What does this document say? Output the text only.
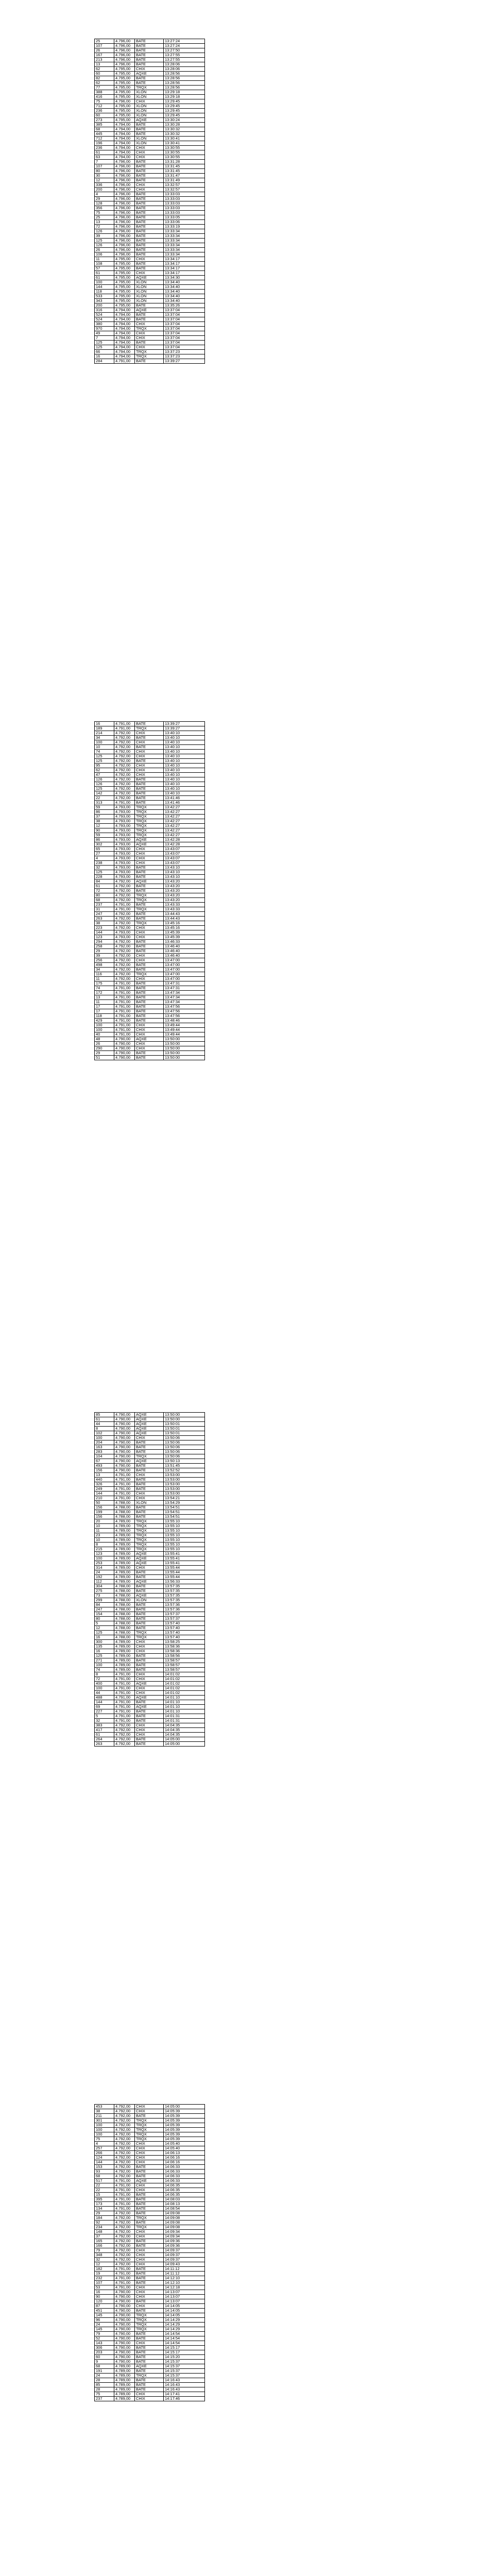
25	4.796,00	BATE	13:27:24
107	4.796,00	BATE	13:27:24
26	4.796,00	BATE	13:27:50
167	4.796,00	BATE	13:27:55
213	4.796,00	BATE	13:27:55
13	4.796,00	BATE	13:28:06
62	4.795,00	CHIX	13:28:06
60	4.795,00	AQXE	13:28:56
82	4.795,00	BATE	13:28:56
62	4.795,00	BATE	13:28:56
77	4.795,00	TRQX	13:28:56
388	4.795,00	XLON	13:29:18
416	4.795,00	XLON	13:29:18
75	4.796,00	CHIX	13:29:45
712	4.795,00	XLON	13:29:45
236	4.795,00	XLON	13:29:45
60	4.795,00	XLON	13:29:45
273	4.795,00	AQXE	13:30:24
385	4.794,00	BATE	13:30:28
68	4.794,00	BATE	13:30:32
445	4.794,00	BATE	13:30:32
712	4.794,00	XLON	13:30:41
196	4.794,00	XLON	13:30:41
236	4.794,00	CHIX	13:30:55
61	4.794,00	CHIX	13:30:55
63	4.794,00	CHIX	13:30:55
7	4.796,00	BATE	13:31:28
107	4.796,00	BATE	13:31:45
80	4.796,00	BATE	13:31:45
30	4.796,00	BATE	13:31:47
12	4.796,00	BATE	13:31:49
336	4.796,00	CHIX	13:32:57
200	4.796,00	CHIX	13:32:57
4	4.796,00	BATE	13:33:03
29	4.796,00	BATE	13:33:03
128	4.796,00	BATE	13:33:03
356	4.796,00	BATE	13:33:03
75	4.796,00	BATE	13:33:03
25	4.796,00	BATE	13:33:05
13	4.796,00	BATE	13:33:06
72	4.796,00	BATE	13:33:19
126	4.796,00	BATE	13:33:34
39	4.796,00	BATE	13:33:34
125	4.796,00	BATE	13:33:34
126	4.796,00	BATE	13:33:34
26	4.796,00	BATE	13:33:34
106	4.796,00	BATE	13:33:34
11	4.795,00	CHIX	13:34:17
108	4.795,00	BATE	13:34:17
57	4.795,00	BATE	13:34:17
61	4.795,00	CHIX	13:34:17
61	4.795,00	AQXE	13:34:30
100	4.795,00	XLON	13:34:40
144	4.795,00	XLON	13:34:40
118	4.795,00	XLON	13:34:40
533	4.795,00	XLON	13:34:40
343	4.795,00	XLON	13:34:40
200	4.795,00	BATE	13:35:26
316	4.794,00	AQXE	13:37:04
524	4.794,00	BATE	13:37:04
524	4.794,00	BATE	13:37:04
380	4.794,00	CHIX	13:37:04
970	4.794,00	TRQX	13:37:04
49	4.794,00	CHIX	13:37:04
7	4.794,00	CHIX	13:37:04
125	4.794,00	BATE	13:37:04
125	4.794,00	CHIX	13:37:04
66	4.794,00	TRQX	13:37:23
16	4.794,00	TRQX	13:37:23
284	4.791,00	BATE	13:39:27
16	4.791,00	BATE	13:39:27
189	4.791,00	TRQX	13:39:27
214	4.792,00	CHIX	13:40:10
34	4.792,00	BATE	13:40:10
100	4.792,00	CHIX	13:40:10
10	4.792,00	BATE	13:40:10
74	4.792,00	CHIX	13:40:10
125	4.792,00	CHIX	13:40:10
125	4.792,00	BATE	13:40:10
95	4.792,00	CHIX	13:40:10
62	4.792,00	CHIX	13:40:10
47	4.792,00	CHIX	13:40:10
126	4.792,00	BATE	13:40:10
126	4.792,00	BATE	13:40:10
125	4.792,00	BATE	13:40:10
142	4.792,00	BATE	13:40:10
22	4.792,00	BATE	13:41:46
313	4.791,00	BATE	13:41:46
59	4.793,00	TRQX	13:42:27
86	4.793,00	TRQX	13:42:27
37	4.793,00	TRQX	13:42:27
38	4.793,00	TRQX	13:42:27
12	4.793,00	TRQX	13:42:27
90	4.793,00	TRQX	13:42:27
59	4.793,00	TRQX	13:42:27
86	4.793,00	AQXE	13:42:28
302	4.793,00	AQXE	13:42:28
65	4.793,00	CHIX	13:43:07
27	4.793,00	CHIX	13:43:07
4	4.793,00	CHIX	13:43:07
238	4.793,00	CHIX	13:43:07
32	4.793,00	BATE	13:43:10
125	4.793,00	BATE	13:43:10
228	4.793,00	BATE	13:43:10
84	4.792,00	AQXE	13:43:20
61	4.792,00	BATE	13:43:20
72	4.792,00	BATE	13:43:20
80	4.792,00	TRQX	13:43:20
68	4.792,00	TRQX	13:43:20
237	4.791,00	BATE	13:43:33
31	4.791,00	TRQX	13:43:33
247	4.792,00	BATE	13:44:43
263	4.792,00	BATE	13:44:43
38	4.792,00	TRQX	13:45:16
223	4.792,00	CHIX	13:45:16
144	4.793,00	CHIX	13:45:39
123	4.793,00	CHIX	13:45:39
294	4.792,00	BATE	13:46:33
258	4.792,00	BATE	13:46:40
29	4.792,00	BATE	13:46:40
39	4.792,00	CHIX	13:46:40
256	4.792,00	CHIX	13:47:00
498	4.792,00	BATE	13:47:00
34	4.792,00	BATE	13:47:00
116	4.792,00	TRQX	13:47:00
11	4.792,00	CHIX	13:47:00
175	4.791,00	BATE	13:47:31
74	4.791,00	BATE	13:47:31
172	4.791,00	BATE	13:47:34
13	4.791,00	BATE	13:47:34
11	4.791,00	BATE	13:47:34
17	4.791,00	BATE	13:47:56
17	4.791,00	BATE	13:47:56
118	4.791,00	BATE	13:47:56
429	4.791,00	BATE	13:48:46
100	4.791,00	CHIX	13:49:44
100	4.791,00	CHIX	13:49:44
40	4.791,00	CHIX	13:49:44
48	4.790,00	AQXE	13:50:00
26	4.790,00	CHIX	13:50:00
290	4.790,00	CHIX	13:50:00
29	4.790,00	BATE	13:50:00
51	4.790,00	BATE	13:50:00
85	4.790,00	AQXE	13:50:00
61	4.790,00	AQXE	13:50:00
44	4.790,00	AQXE	13:50:01
8	4.790,00	AQXE	13:50:01
102	4.790,00	AQXE	13:50:01
100	4.790,00	CHIX	13:50:06
204	4.790,00	BATE	13:50:06
163	4.790,00	BATE	13:50:06
283	4.790,00	BATE	13:50:06
104	4.790,00	TRQX	13:50:06
67	4.790,00	AQXE	13:50:13
493	4.790,00	BATE	13:51:45
156	4.790,00	BATE	13:52:52
13	4.791,00	CHIX	13:53:00
440	4.791,00	BATE	13:53:00
326	4.791,00	BATE	13:53:00
249	4.791,00	BATE	13:53:00
144	4.791,00	CHIX	13:53:00
210	4.791,00	CHIX	13:54:21
50	4.788,00	XLON	13:54:29
156	4.788,00	BATE	13:54:51
199	4.788,00	BATE	13:54:51
156	4.788,00	BATE	13:54:51
20	4.789,00	TRQX	13:55:10
10	4.789,00	TRQX	13:55:10
11	4.789,00	TRQX	13:55:10
23	4.789,00	TRQX	13:55:10
10	4.789,00	TRQX	13:55:10
8	4.789,00	TRQX	13:55:10
215	4.789,00	TRQX	13:55:10
123	4.789,00	AQXE	13:55:41
100	4.789,00	AQXE	13:55:41
253	4.789,00	AQXE	13:55:41
314	4.789,00	CHIX	13:55:44
24	4.789,00	BATE	13:55:44
192	4.789,00	BATE	13:55:44
112	4.789,00	AQXE	13:56:33
304	4.788,00	BATE	13:57:35
275	4.788,00	BATE	13:57:35
73	4.788,00	AQXE	13:57:35
299	4.788,00	XLON	13:57:35
84	4.788,00	BATE	13:57:36
247	4.788,00	BATE	13:57:36
154	4.788,00	BATE	13:57:37
80	4.788,00	BATE	13:57:37
5	4.788,00	BATE	13:57:40
12	4.788,00	BATE	13:57:40
125	4.788,00	TRQX	13:57:40
16	4.788,00	TRQX	13:57:40
300	4.789,00	CHIX	13:58:25
135	4.789,00	CHIX	13:58:36
16	4.789,00	CHIX	13:58:36
125	4.789,00	BATE	13:58:56
271	4.789,00	BATE	13:58:57
100	4.789,00	BATE	13:58:57
74	4.789,00	BATE	13:58:57
8	4.791,00	CHIX	14:01:02
72	4.791,00	CHIX	14:01:02
400	4.791,00	AQXE	14:01:02
100	4.791,00	CHIX	14:01:02
44	4.791,00	CHIX	14:01:02
488	4.791,00	AQXE	14:01:10
144	4.791,00	BATE	14:01:10
69	4.791,00	AQXE	14:01:10
227	4.791,00	BATE	14:01:10
5	4.791,00	BATE	14:01:31
32	4.791,00	BATE	14:01:31
383	4.792,00	CHIX	14:04:35
417	4.792,00	CHIX	14:04:35
61	4.792,00	CHIX	14:04:35
264	4.792,00	BATE	14:05:00
263	4.792,00	BATE	14:05:00
453	4.792,00	CHIX	14:05:00
38	4.792,00	CHIX	14:05:39
211	4.792,00	BATE	14:05:39
301	4.792,00	TRQX	14:05:39
100	4.792,00	TRQX	14:05:39
100	4.792,00	TRQX	14:05:39
100	4.792,00	TRQX	14:05:39
75	4.792,00	TRQX	14:05:39
4	4.792,00	CHIX	14:05:40
257	4.792,00	CHIX	14:05:40
266	4.792,00	CHIX	14:06:13
124	4.792,00	CHIX	14:06:16
144	4.792,00	CHIX	14:06:16
153	4.792,00	BATE	14:06:33
93	4.792,00	BATE	14:06:33
68	4.792,00	BATE	14:06:33
517	4.791,00	AQXE	14:06:33
22	4.791,00	CHIX	14:06:35
22	4.791,00	CHIX	14:06:35
15	4.791,00	BATE	14:06:35
395	4.791,00	BATE	14:08:03
173	4.791,00	BATE	14:08:13
134	4.791,00	BATE	14:08:54
29	4.792,00	BATE	14:09:08
184	4.792,00	TRQX	14:09:08
92	4.792,00	BATE	14:09:08
234	4.792,00	TRQX	14:09:08
148	4.792,00	CHIX	14:09:34
37	4.792,00	CHIX	14:09:34
165	4.792,00	BATE	14:09:36
166	4.792,00	BATE	14:09:36
79	4.792,00	CHIX	14:09:37
348	4.792,00	CHIX	14:09:37
32	4.792,00	CHIX	14:09:37
12	4.792,00	CHIX	14:09:43
182	4.791,00	BATE	14:11:12
19	4.791,00	BATE	14:11:12
232	4.791,00	BATE	14:12:10
107	4.791,00	BATE	14:12:10
53	4.791,00	CHIX	14:12:18
16	4.790,00	CHIX	14:13:07
90	4.790,00	CHIX	14:13:07
120	4.790,00	BATE	14:13:07
87	4.790,00	CHIX	14:14:05
451	4.790,00	BATE	14:14:05
145	4.790,00	TRQX	14:14:05
96	4.790,00	TRQX	14:14:29
24	4.790,00	TRQX	14:14:29
145	4.790,00	TRQX	14:14:29
79	4.790,00	BATE	14:14:54
52	4.790,00	BATE	14:14:54
143	4.790,00	CHIX	14:14:54
306	4.790,00	BATE	14:15:17
203	4.790,00	BATE	14:15:17
60	4.790,00	BATE	14:15:20
9	4.790,00	BATE	14:15:37
68	4.789,00	AQXE	14:15:37
191	4.789,00	BATE	14:15:37
24	4.789,00	TRQX	14:15:37
28	4.789,00	BATE	14:16:43
85	4.789,00	BATE	14:16:43
28	4.789,00	BATE	14:16:43
75	4.789,00	CHIX	14:17:41
237	4.789,00	CHIX	14:17:46
